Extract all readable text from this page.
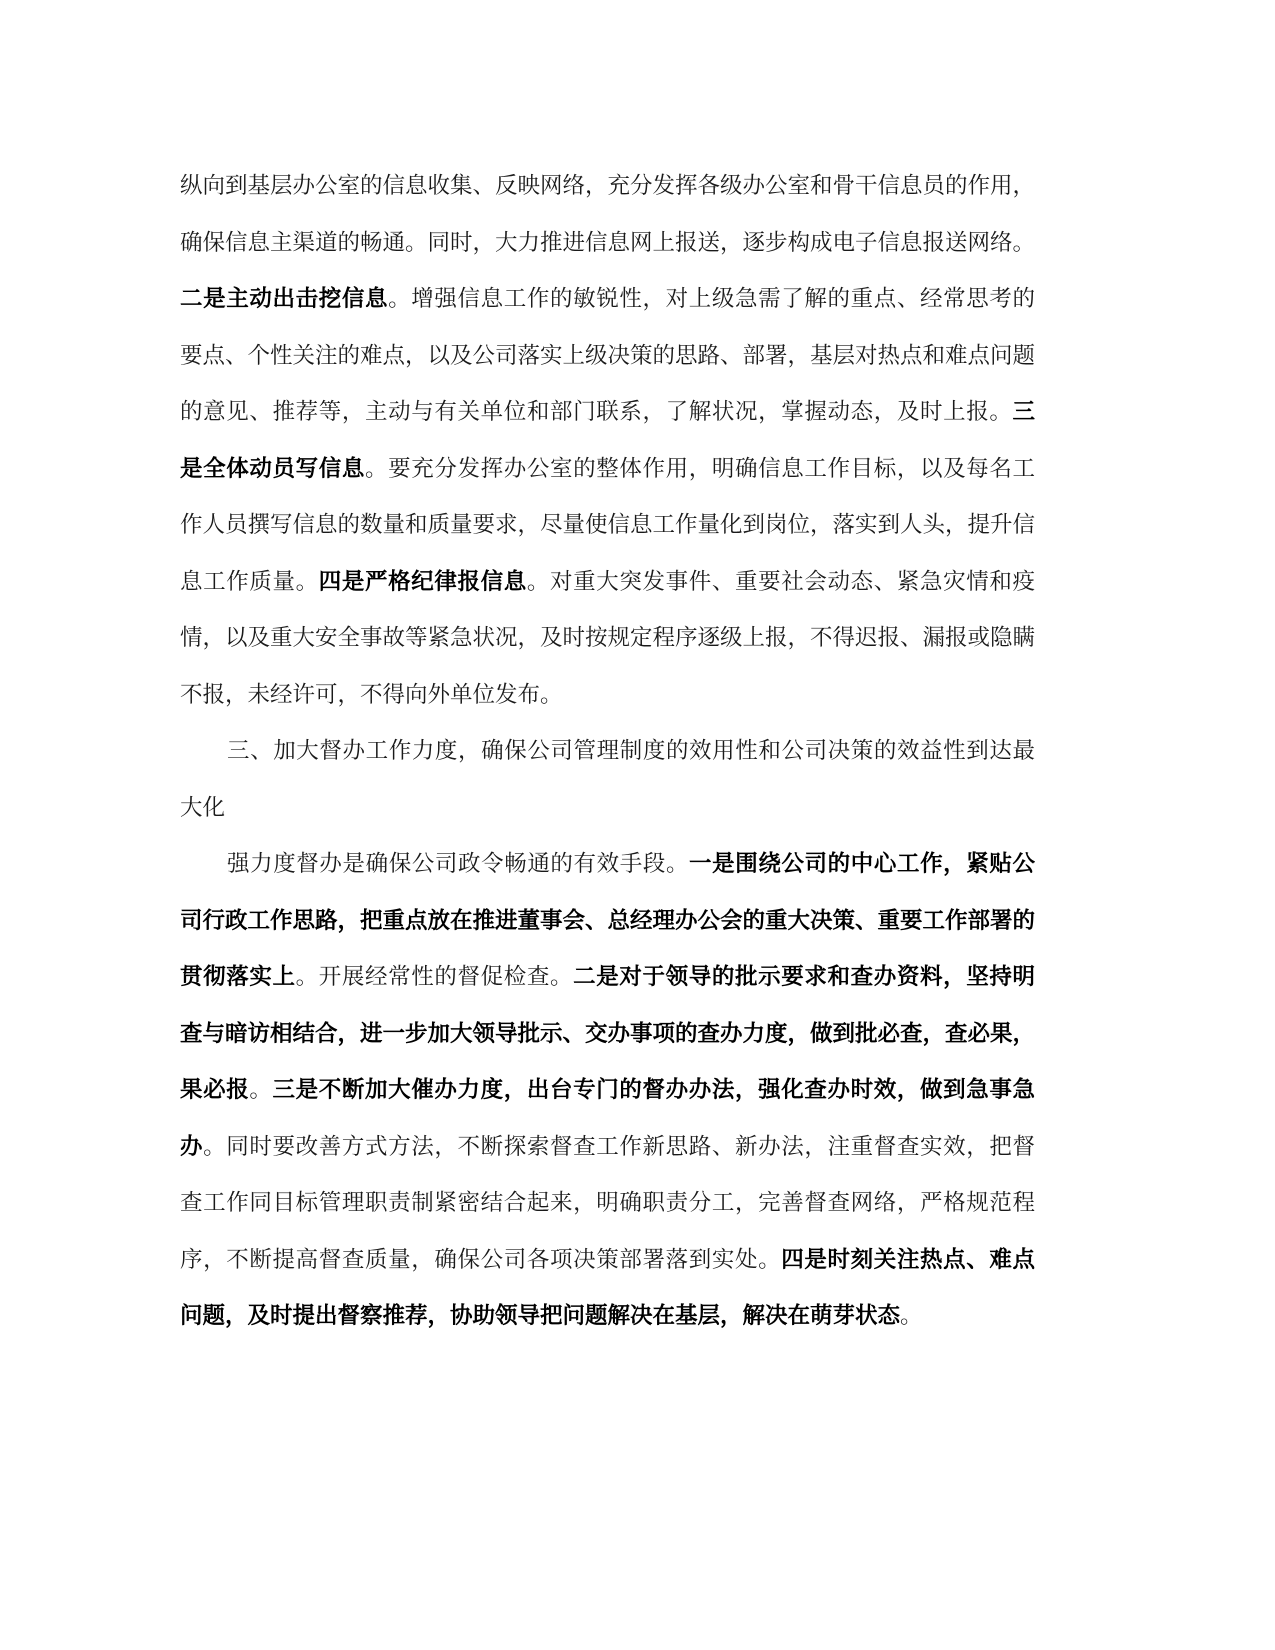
纵向到基层办公室的信息收集、反映网络，充分发挥各级办公室和骨干信息员的作用，确保信息主渠道的畅通。同时，大力推进信息网上报送，逐步构成电子信息报送网络。二是主动出击挖信息。增强信息工作的敏锐性，对上级急需了解的重点、经常思考的要点、个性关注的难点，以及公司落实上级决策的思路、部署，基层对热点和难点问题的意见、推荐等，主动与有关单位和部门联系，了解状况，掌握动态，及时上报。三是全体动员写信息。要充分发挥办公室的整体作用，明确信息工作目标，以及每名工作人员撰写信息的数量和质量要求，尽量使信息工作量化到岗位，落实到人头，提升信息工作质量。四是严格纪律报信息。对重大突发事件、重要社会动态、紧急灾情和疫情，以及重大安全事故等紧急状况，及时按规定程序逐级上报，不得迟报、漏报或隐瞒不报，未经许可，不得向外单位发布。

三、加大督办工作力度，确保公司管理制度的效用性和公司决策的效益性到达最大化

强力度督办是确保公司政令畅通的有效手段。一是围绕公司的中心工作，紧贴公司行政工作思路，把重点放在推进董事会、总经理办公会的重大决策、重要工作部署的贯彻落实上。开展经常性的督促检查。二是对于领导的批示要求和查办资料，坚持明查与暗访相结合，进一步加大领导批示、交办事项的查办力度，做到批必查，查必果，果必报。三是不断加大催办力度，出台专门的督办办法，强化查办时效，做到急事急办。同时要改善方式方法，不断探索督查工作新思路、新办法，注重督查实效，把督查工作同目标管理职责制紧密结合起来，明确职责分工，完善督查网络，严格规范程序，不断提高督查质量，确保公司各项决策部署落到实处。四是时刻关注热点、难点问题，及时提出督察推荐，协助领导把问题解决在基层，解决在萌芽状态。
